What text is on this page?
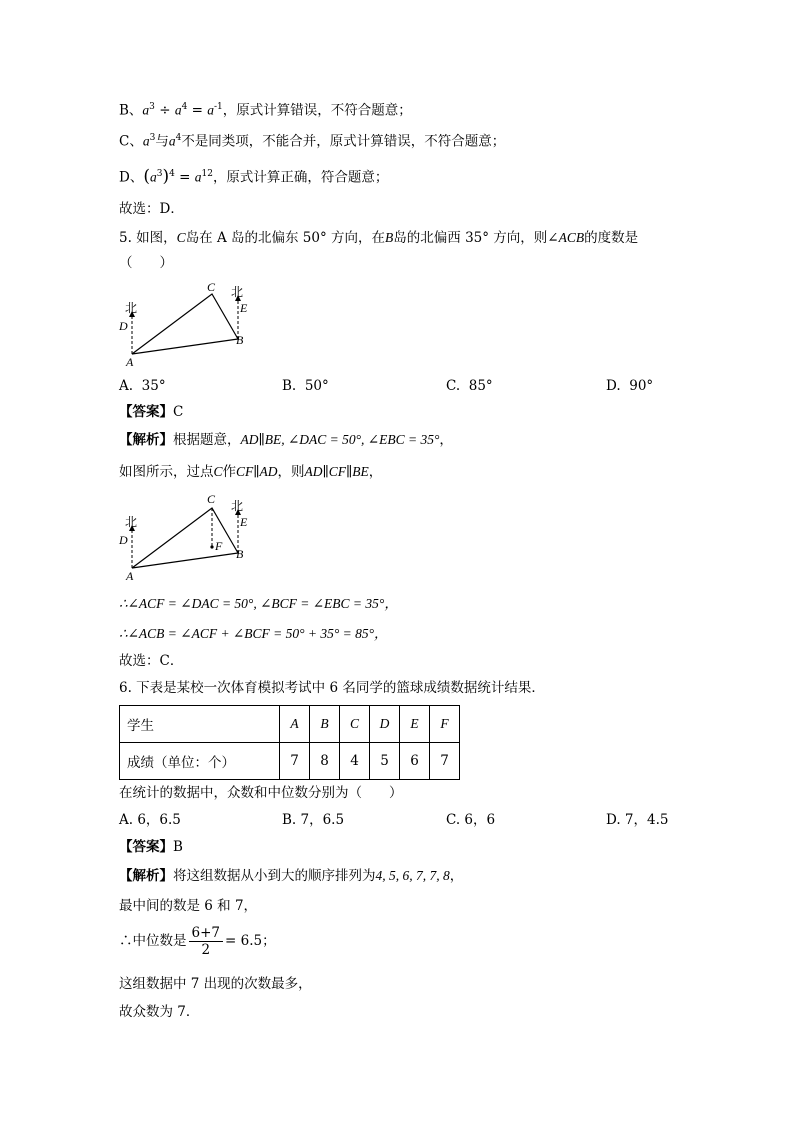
B、$a^3 \div a^4 = a^{-1}$，原式计算错误，不符合题意；
C、$a^3$与$a^4$不是同类项，不能合并，原式计算错误，不符合题意；
D、$(a^3)^4 = a^{12}$，原式计算正确，符合题意；
故选：D．
5. 如图，C岛在 A 岛的北偏东 50° 方向，在B岛的北偏西 35° 方向，则∠ACB的度数是
（　　）
北
北
D
E
C
A
B
A. 35°	B. 50°	C. 85°	D. 90°
【答案】C
【解析】根据题意，AD∥BE, ∠DAC = 50°, ∠EBC = 35°，
如图所示，过点C作CF∥AD，则AD∥CF∥BE，
北
北
D
E
C
F
A
B
∴∠ACF = ∠DAC = 50°, ∠BCF = ∠EBC = 35°，
∴∠ACB = ∠ACF + ∠BCF = 50° + 35° = 85°，
故选：C．
6. 下表是某校一次体育模拟考试中 6 名同学的篮球成绩数据统计结果．
学生	A	B	C	D	E	F
成绩（单位：个）	7	8	4	5	6	7
在统计的数据中，众数和中位数分别为（　　）
A. 6，6.5	B. 7，6.5	C. 6，6	D. 7，4.5
【答案】B
【解析】将这组数据从小到大的顺序排列为4, 5, 6, 7, 7, 8，
最中间的数是 6 和 7，
∴中位数是 $\frac{6+7}{2} = 6.5$；
这组数据中 7 出现的次数最多，
故众数为 7．
